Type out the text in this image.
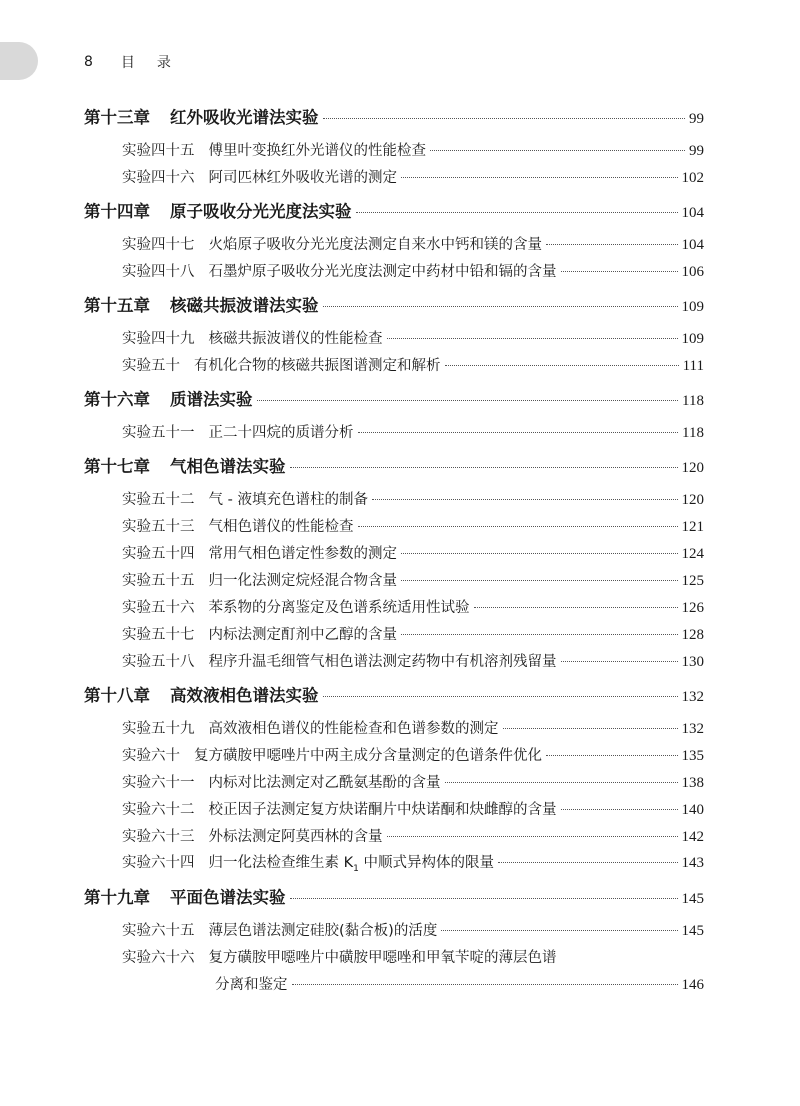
8 目 录
第十三章 红外吸收光谱法实验	99
实验四十五 傅里叶变换红外光谱仪的性能检查	99
实验四十六 阿司匹林红外吸收光谱的测定	102
第十四章 原子吸收分光光度法实验	104
实验四十七 火焰原子吸收分光光度法测定自来水中钙和镁的含量	104
实验四十八 石墨炉原子吸收分光光度法测定中药材中铅和镉的含量	106
第十五章 核磁共振波谱法实验	109
实验四十九 核磁共振波谱仪的性能检查	109
实验五十 有机化合物的核磁共振图谱测定和解析	111
第十六章 质谱法实验	118
实验五十一 正二十四烷的质谱分析	118
第十七章 气相色谱法实验	120
实验五十二 气 - 液填充色谱柱的制备	120
实验五十三 气相色谱仪的性能检查	121
实验五十四 常用气相色谱定性参数的测定	124
实验五十五 归一化法测定烷烃混合物含量	125
实验五十六 苯系物的分离鉴定及色谱系统适用性试验	126
实验五十七 内标法测定酊剂中乙醇的含量	128
实验五十八 程序升温毛细管气相色谱法测定药物中有机溶剂残留量	130
第十八章 高效液相色谱法实验	132
实验五十九 高效液相色谱仪的性能检查和色谱参数的测定	132
实验六十 复方磺胺甲噁唑片中两主成分含量测定的色谱条件优化	135
实验六十一 内标对比法测定对乙酰氨基酚的含量	138
实验六十二 校正因子法测定复方炔诺酮片中炔诺酮和炔雌醇的含量	140
实验六十三 外标法测定阿莫西林的含量	142
实验六十四 归一化法检查维生素 $K_1$ 中顺式异构体的限量	143
第十九章 平面色谱法实验	145
实验六十五 薄层色谱法测定硅胶(黏合板)的活度	145
实验六十六 复方磺胺甲噁唑片中磺胺甲噁唑和甲氧苄啶的薄层色谱
分离和鉴定	146
